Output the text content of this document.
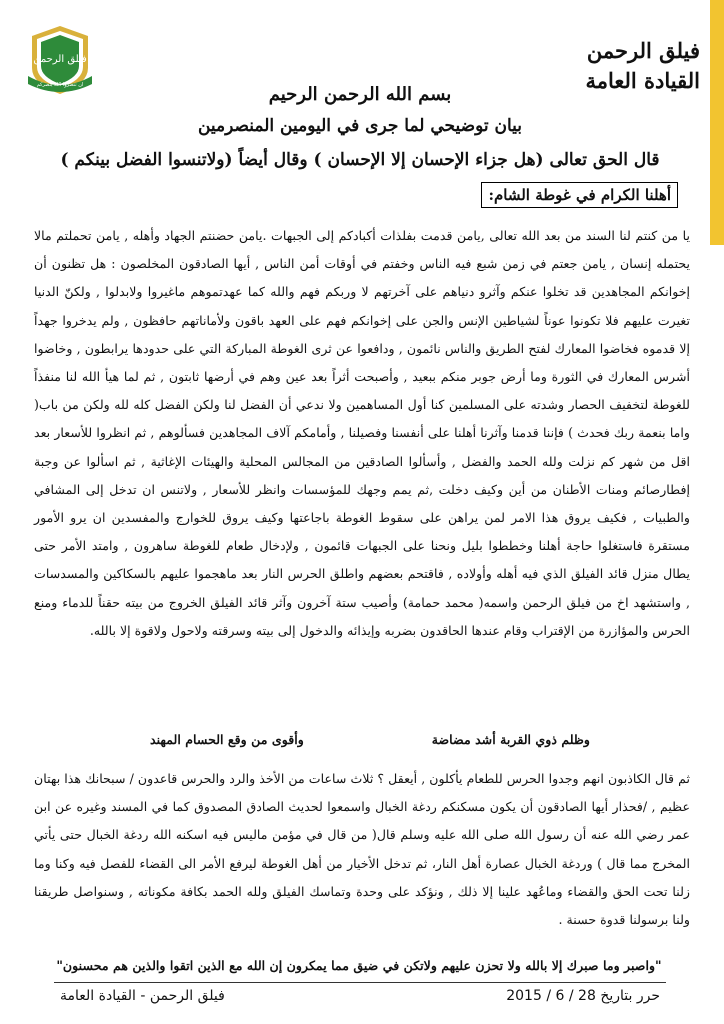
فيلق الرحمن
ان تنصروا الله ينصركم
فيلق الرحمن
القيادة العامة
بسم الله الرحمن الرحيم
بيان توضيحي لما جرى في اليومين المنصرمين
قال الحق تعالى (هل جزاء الإحسان إلا الإحسان ) وقال أيضاً (ولاتنسوا الفضل بينكم )
أهلنا الكرام في غوطة الشام:

يا من كنتم لنا السند من بعد الله تعالى ,يامن قدمت بفلذات أكبادكم إلى الجبهات .يامن حضنتم الجهاد وأهله , يامن تحملتم مالا يحتمله إنسان , يامن جعتم في زمن شبع فيه الناس وخفتم في أوقات أمن الناس , أيها الصادقون المخلصون : هل تظنون أن إخوانكم المجاهدين قد تخلوا عنكم وآثرو دنياهم على آخرتهم لا وربكم فهم والله كما عهدتموهم ماغيروا ولابدلوا , ولكنّ الدنيا تغيرت عليهم فلا تكونوا عوناً لشياطين الإنس والجن على إخوانكم فهم على العهد باقون ولأماناتهم حافظون , ولم يدخروا جهداً إلا قدموه فخاضوا المعارك لفتح الطريق والناس نائمون , ودافعوا عن ثرى الغوطة المباركة التي على حدودها يرابطون , وخاضوا أشرس المعارك في الثورة وما أرض جوبر منكم ببعيد , وأصبحت أثراً بعد عين وهم في أرضها ثابتون , ثم لما هيأ الله لنا منفذاً للغوطة لتخفيف الحصار وشدته على المسلمين كنا أول المساهمين ولا ندعي أن الفضل لنا ولكن الفضل كله لله ولكن من باب( واما بنعمة ربك فحدث ) فإننا قدمنا وآثرنا أهلنا على أنفسنا وفصيلنا , وأمامكم آلاف المجاهدين فسألوهم , ثم انظروا للأسعار بعد اقل من شهر كم نزلت ولله الحمد والفضل , وأسألوا الصادقين من المجالس المحلية والهيئات الإغاثية , ثم اسألوا عن وجبة إفطارصائم ومنات الأطنان من أين وكيف دخلت ,ثم يمم وجهك للمؤسسات وانظر للأسعار , ولاتنس ان تدخل إلى المشافي والطبيات , فكيف يروق هذا الامر لمن يراهن على سقوط الغوطة باجاعتها وكيف يروق للخوارج والمفسدين ان يرو الأمور مستقرة فاستغلوا حاجة أهلنا وخططوا بليل ونحنا على الجبهات قائمون , ولإدخال طعام للغوطة ساهرون , وامتد الأمر حتى يطال منزل قائد الفيلق الذي فيه أهله وأولاده , فاقتحم بعضهم واطلق الحرس النار بعد ماهجموا عليهم بالسكاكين والمسدسات , واستشهد اخ من فيلق الرحمن واسمه( محمد حمامة) وأصيب ستة آخرون وآثر قائد الفيلق الخروج من بيته حقناً للدماء ومنع الحرس والمؤازرة من الإقتراب وقام عندها الحاقدون بضربه وإيذائه والدخول إلى بيته وسرقته ولاحول ولاقوة إلا بالله.

وظلم ذوي القربة أشد مضاضة
وأقوى من وقع الحسام المهند

ثم قال الكاذبون انهم وجدوا الحرس للطعام يأكلون , أيعقل ؟ ثلاث ساعات من الأخذ والرد والحرس قاعدون / سبحانك هذا بهتان عظيم , /فحذار أيها الصادقون أن يكون مسكنكم ردغة الخبال واسمعوا لحديث الصادق المصدوق كما في المسند وغيره عن ابن عمر رضي الله عنه أن رسول الله صلى الله عليه وسلم قال( من قال في مؤمن ماليس فيه اسكنه الله ردغة الخبال حتى يأتي المخرج مما قال ) وردغة الخبال عصارة أهل النار، ثم تدخل الأخيار من أهل الغوطة ليرفع الأمر الى القضاء للفصل فيه وكنا وما زلنا تحت الحق والقضاء وماعُهد علينا إلا ذلك , ونؤكد على وحدة وتماسك الفيلق ولله الحمد بكافة مكوناته , وسنواصل طريقنا ولنا برسولنا قدوة حسنة .

"واصبر وما صبرك إلا بالله ولا تحزن عليهم ولاتكن في ضيق مما يمكرون إن الله مع الذين اتقوا والذين هم محسنون"
حرر بتاريخ 28 / 6 / 2015
فيلق الرحمن - القيادة العامة
